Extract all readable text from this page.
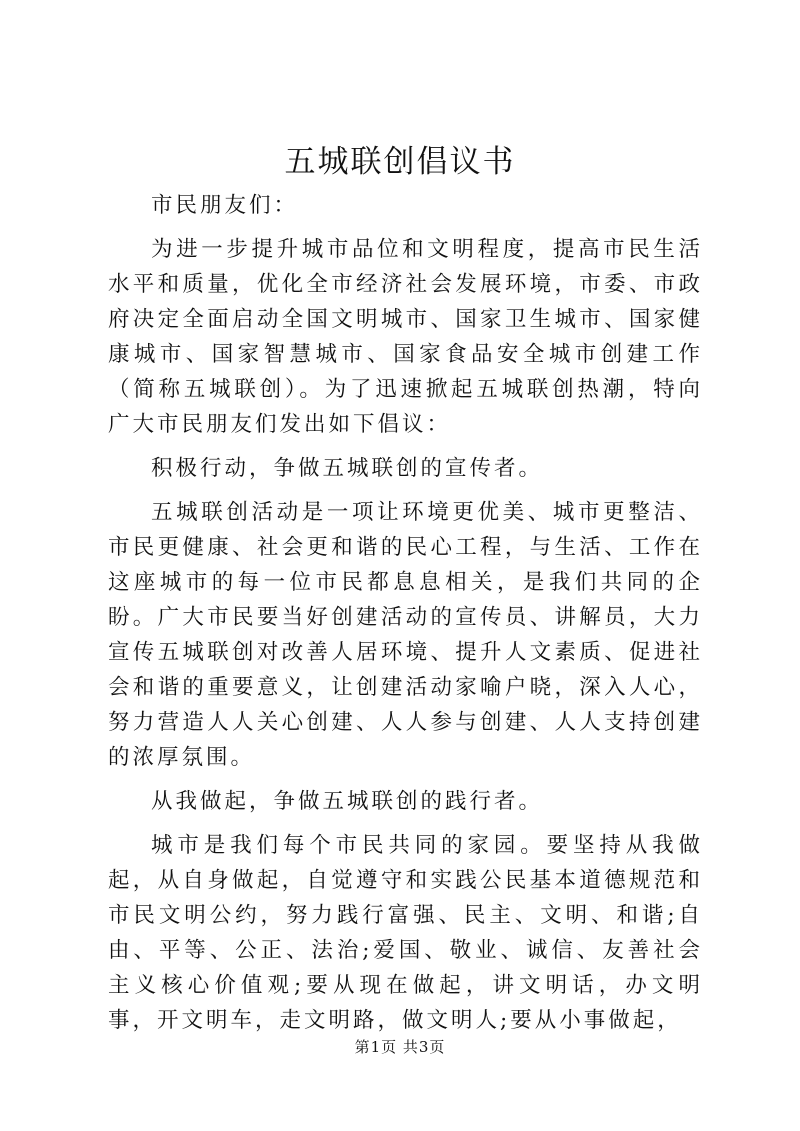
五城联创倡议书

市民朋友们：

为进一步提升城市品位和文明程度，提高市民生活水平和质量，优化全市经济社会发展环境，市委、市政府决定全面启动全国文明城市、国家卫生城市、国家健康城市、国家智慧城市、国家食品安全城市创建工作（简称五城联创）。为了迅速掀起五城联创热潮，特向广大市民朋友们发出如下倡议：

积极行动，争做五城联创的宣传者。

五城联创活动是一项让环境更优美、城市更整洁、市民更健康、社会更和谐的民心工程，与生活、工作在这座城市的每一位市民都息息相关，是我们共同的企盼。广大市民要当好创建活动的宣传员、讲解员，大力宣传五城联创对改善人居环境、提升人文素质、促进社会和谐的重要意义，让创建活动家喻户晓，深入人心，努力营造人人关心创建、人人参与创建、人人支持创建的浓厚氛围。

从我做起，争做五城联创的践行者。

城市是我们每个市民共同的家园。要坚持从我做起，从自身做起，自觉遵守和实践公民基本道德规范和市民文明公约，努力践行富强、民主、文明、和谐;自由、平等、公正、法治;爱国、敬业、诚信、友善社会主义核心价值观;要从现在做起，讲文明话，办文明事，开文明车，走文明路，做文明人;要从小事做起，

第1页 共3页
